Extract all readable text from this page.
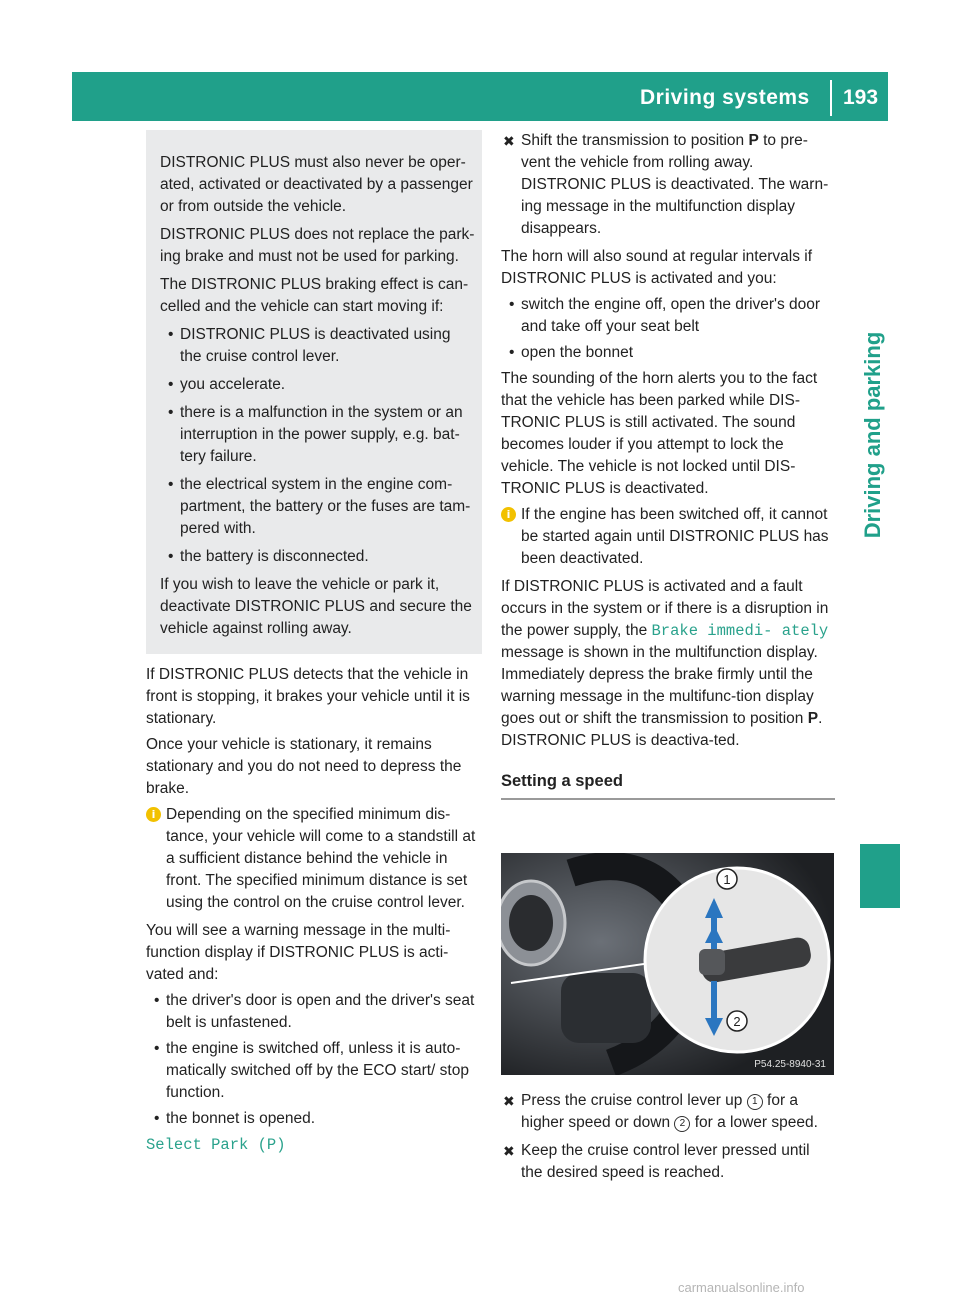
Driving systems 193
Driving and parking

DISTRONIC PLUS must also never be oper-ated, activated or deactivated by a passenger or from outside the vehicle.

DISTRONIC PLUS does not replace the park-ing brake and must not be used for parking.

The DISTRONIC PLUS braking effect is can-celled and the vehicle can start moving if:

• DISTRONIC PLUS is deactivated using the cruise control lever.

• you accelerate.

• there is a malfunction in the system or an interruption in the power supply, e.g. bat-tery failure.

• the electrical system in the engine com-partment, the battery or the fuses are tam-pered with.

• the battery is disconnected.

If you wish to leave the vehicle or park it, deactivate DISTRONIC PLUS and secure the vehicle against rolling away.

If DISTRONIC PLUS detects that the vehicle in front is stopping, it brakes your vehicle until it is stationary.

Once your vehicle is stationary, it remains stationary and you do not need to depress the brake.

i Depending on the specified minimum dis-tance, your vehicle will come to a standstill at a sufficient distance behind the vehicle in front. The specified minimum distance is set using the control on the cruise control lever.

You will see a warning message in the multi-function display if DISTRONIC PLUS is acti-vated and:

• the driver's door is open and the driver's seat belt is unfastened.

• the engine is switched off, unless it is auto-matically switched off by the ECO start/ stop function.

• the bonnet is opened.

Select Park (P)

✖ Shift the transmission to position P to pre-vent the vehicle from rolling away. DISTRONIC PLUS is deactivated. The warn-ing message in the multifunction display disappears.

The horn will also sound at regular intervals if DISTRONIC PLUS is activated and you:

• switch the engine off, open the driver's door and take off your seat belt

• open the bonnet

The sounding of the horn alerts you to the fact that the vehicle has been parked while DIS-TRONIC PLUS is still activated. The sound becomes louder if you attempt to lock the vehicle. The vehicle is not locked until DIS-TRONIC PLUS is deactivated.

i If the engine has been switched off, it cannot be started again until DISTRONIC PLUS has been deactivated.

If DISTRONIC PLUS is activated and a fault occurs in the system or if there is a disruption in the power supply, the Brake immedi‐ ately message is shown in the multifunction display. Immediately depress the brake firmly until the warning message in the multifunc-tion display goes out or shift the transmission to position P. DISTRONIC PLUS is deactiva-ted.

Setting a speed

1
2
P54.25-8940-31
✖ Press the cruise control lever up 1 for a higher speed or down 2 for a lower speed.
✖ Keep the cruise control lever pressed until the desired speed is reached.
carmanualsonline.info
